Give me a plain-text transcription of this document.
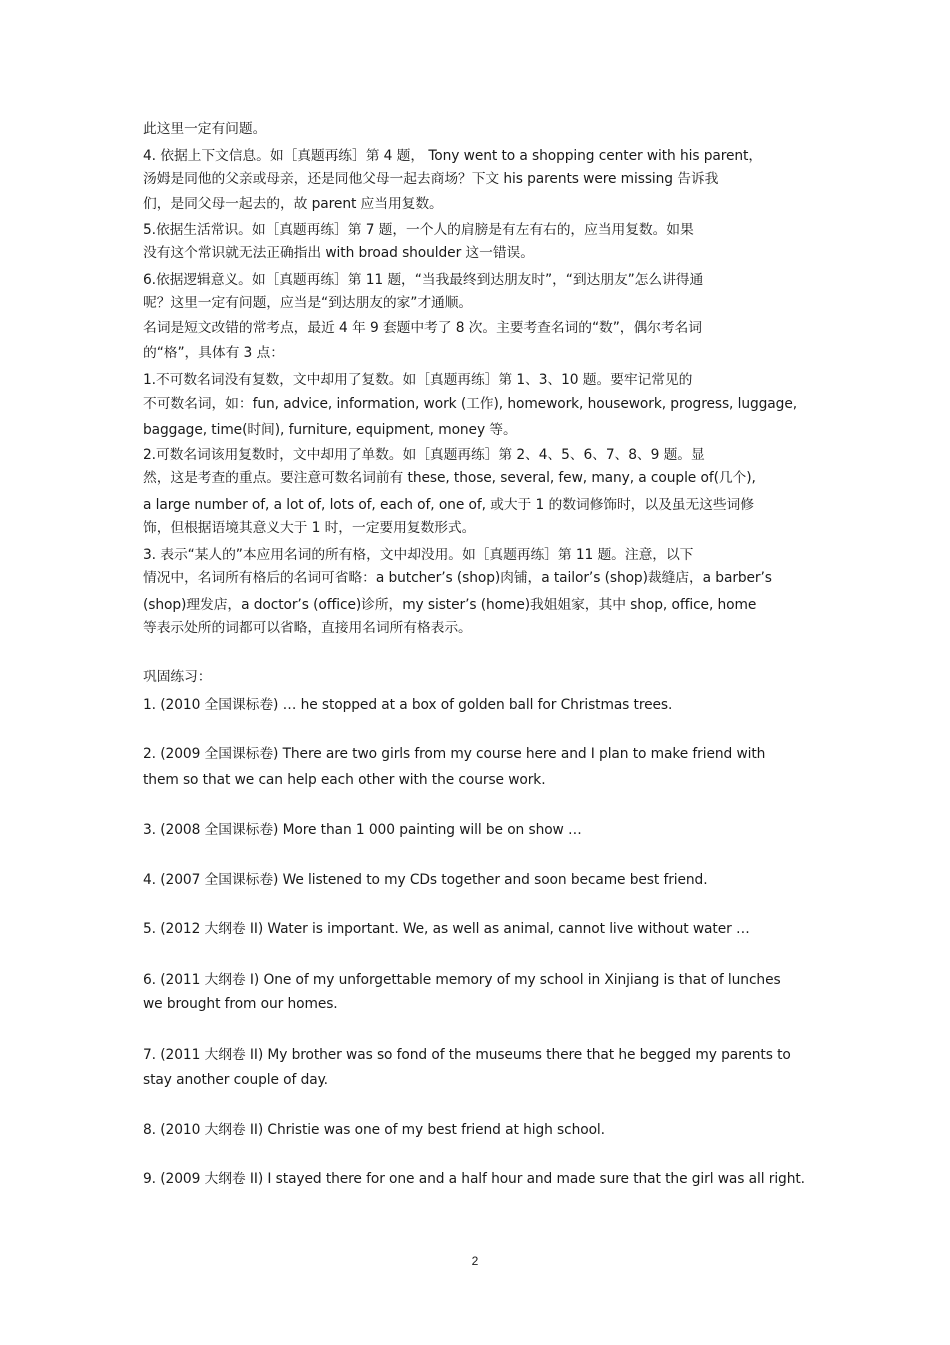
此这里一定有问题。
4. 依据上下文信息。如［真题再练］第 4 题， Tony went to a shopping center with his parent，
汤姆是同他的父亲或母亲，还是同他父母一起去商场？下文 his parents were missing 告诉我
们，是同父母一起去的，故 parent 应当用复数。
5.依据生活常识。如［真题再练］第 7 题，一个人的肩膀是有左有右的，应当用复数。如果
没有这个常识就无法正确指出 with broad shoulder 这一错误。
6.依据逻辑意义。如［真题再练］第 11 题，“当我最终到达朋友时”，“到达朋友”怎么讲得通
呢？这里一定有问题，应当是“到达朋友的家”才通顺。
名词是短文改错的常考点，最近 4 年 9 套题中考了 8 次。主要考查名词的“数”，偶尔考名词
的“格”，具体有 3 点：
1.不可数名词没有复数，文中却用了复数。如［真题再练］第 1、3、10 题。要牢记常见的
不可数名词，如：fun, advice, information, work (工作), homework, housework, progress, luggage,
baggage, time(时间), furniture, equipment, money 等。
2.可数名词该用复数时，文中却用了单数。如［真题再练］第 2、4、5、6、7、8、9 题。显
然，这是考查的重点。要注意可数名词前有 these, those, several, few, many, a couple of(几个),
a large number of, a lot of, lots of, each of, one of, 或大于 1 的数词修饰时，以及虽无这些词修
饰，但根据语境其意义大于 1 时，一定要用复数形式。
3. 表示“某人的”本应用名词的所有格，文中却没用。如［真题再练］第 11 题。注意，以下
情况中，名词所有格后的名词可省略：a butcher’s (shop)肉铺，a tailor’s (shop)裁缝店，a barber’s
(shop)理发店，a doctor’s (office)诊所，my sister’s (home)我姐姐家，其中 shop, office, home
等表示处所的词都可以省略，直接用名词所有格表示。
巩固练习：
1. (2010 全国课标卷) … he stopped at a box of golden ball for Christmas trees.
2. (2009 全国课标卷) There are two girls from my course here and I plan to make friend with
them so that we can help each other with the course work.
3. (2008 全国课标卷) More than 1 000 painting will be on show …
4. (2007 全国课标卷) We listened to my CDs together and soon became best friend.
5. (2012 大纲卷 II) Water is important. We, as well as animal, cannot live without water …
6. (2011 大纲卷 I) One of my unforgettable memory of my school in Xinjiang is that of lunches
we brought from our homes.
7. (2011 大纲卷 II) My brother was so fond of the museums there that he begged my parents to
stay another couple of day.
8. (2010 大纲卷 II) Christie was one of my best friend at high school.
9. (2009 大纲卷 II) I stayed there for one and a half hour and made sure that the girl was all right.
2
